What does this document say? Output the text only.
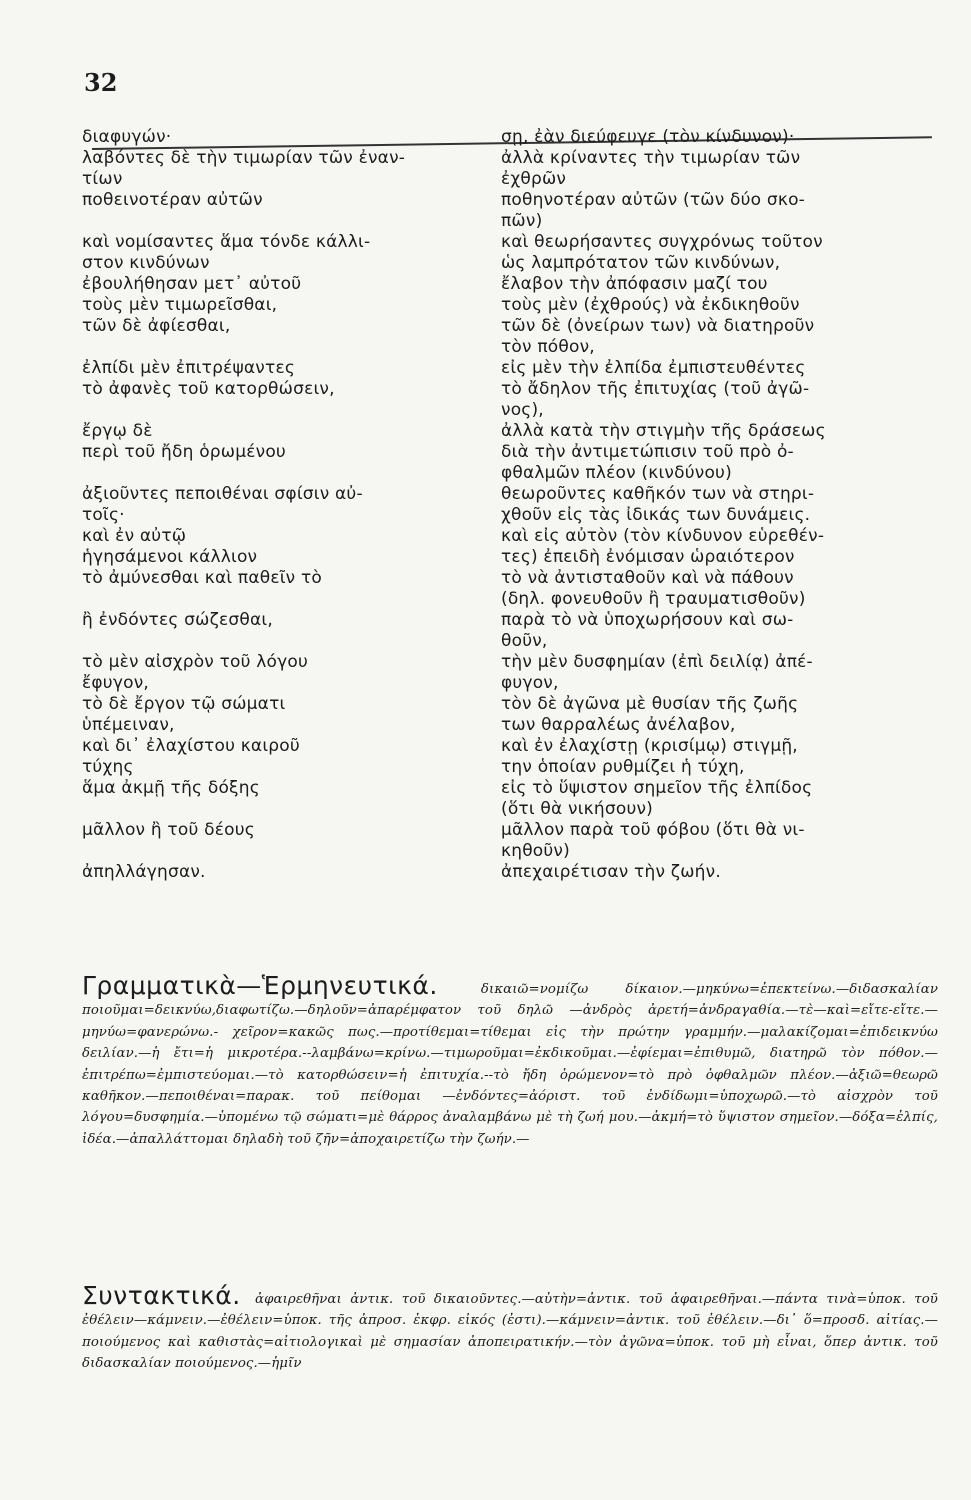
32
διαφυγών·
λαβόντες δὲ τὴν τιμωρίαν τῶν ἐναν-
τίων
ποθεινοτέραν αὐτῶν
καὶ νομίσαντες ἅμα τόνδε κάλλι-
στον κινδύνων
ἐβουλήθησαν μετ᾽ αὐτοῦ
τοὺς μὲν τιμωρεῖσθαι,
τῶν δὲ ἀφίεσθαι,
ἐλπίδι μὲν ἐπιτρέψαντες
τὸ ἀφανὲς τοῦ κατορθώσειν,
ἔργῳ δὲ
περὶ τοῦ ἤδη ὁρωμένου
ἀξιοῦντες πεποιθέναι σφίσιν αὐ-
τοῖς·
καὶ ἐν αὐτῷ
ἡγησάμενοι κάλλιον
τὸ ἀμύνεσθαι καὶ παθεῖν τὸ
ἢ ἐνδόντες σώζεσθαι,
τὸ μὲν αἰσχρὸν τοῦ λόγου
ἔφυγον,
τὸ δὲ ἔργον τῷ σώματι
ὑπέμειναν,
καὶ δι᾽ ἐλαχίστου καιροῦ
τύχης
ἅμα ἀκμῇ τῆς δόξης
μᾶλλον ἢ τοῦ δέους
ἀπηλλάγησαν.
σῃ, ἐὰν διεύφευγε (τὸν κίνδυνον)·
ἀλλὰ κρίναντες τὴν τιμωρίαν τῶν
ἐχθρῶν
ποθηνοτέραν αὐτῶν (τῶν δύο σκο-
πῶν)
καὶ θεωρήσαντες συγχρόνως τοῦτον
ὡς λαμπρότατον τῶν κινδύνων,
ἔλαβον τὴν ἀπόφασιν μαζί του
τοὺς μὲν (ἐχθρούς) νὰ ἐκδικηθοῦν
τῶν δὲ (ὀνείρων των) νὰ διατηροῦν
τὸν πόθον,
εἰς μὲν τὴν ἐλπίδα ἐμπιστευθέντες
τὸ ἄδηλον τῆς ἐπιτυχίας (τοῦ ἀγῶ-
νος),
ἀλλὰ κατὰ τὴν στιγμὴν τῆς δράσεως
διὰ τὴν ἀντιμετώπισιν τοῦ πρὸ ὀ-
φθαλμῶν πλέον (κινδύνου)
θεωροῦντες καθῆκόν των νὰ στηρι-
χθοῦν εἰς τὰς ἰδικάς των δυνάμεις.
καὶ εἰς αὐτὸν (τὸν κίνδυνον εὑρεθέν-
τες) ἐπειδὴ ἐνόμισαν ὡραιότερον
τὸ νὰ ἀντισταθοῦν καὶ νὰ πάθουν
(δηλ. φονευθοῦν ἢ τραυματισθοῦν)
παρὰ τὸ νὰ ὑποχωρήσουν καὶ σω-
θοῦν,
τὴν μὲν δυσφημίαν (ἐπὶ δειλίᾳ) ἀπέ-
φυγον,
τὸν δὲ ἀγῶνα μὲ θυσίαν τῆς ζωῆς
των θαρραλέως ἀνέλαβον,
καὶ ἐν ἐλαχίστῃ (κρισίμῳ) στιγμῇ,
την ὁποίαν ρυθμίζει ἡ τύχη,
εἰς τὸ ὕψιστον σημεῖον τῆς ἐλπίδος
(ὅτι θὰ νικήσουν)
μᾶλλον παρὰ τοῦ φόβου (ὅτι θὰ νι-
κηθοῦν)
ἀπεχαιρέτισαν τὴν ζωήν.
Γραμματικὰ—Ἑρμηνευτικά.	δικαιῶ=νομίζω δίκαιον.—μηκύνω=ἐπεκτείνω.—διδασκαλίαν ποιοῦμαι=δεικνύω,διαφωτίζω.—δηλοῦν=ἀπαρέμφατον τοῦ δηλῶ —ἀνδρὸς ἀρετή=ἀνδραγαθία.—τὲ—καὶ=εἴτε-εἴτε.—μηνύω=φανερώνω.- χεῖρον=κακῶς πως.—προτίθεμαι=τίθεμαι εἰς τὴν πρώτην γραμμήν.—μαλακίζομαι=ἐπιδεικνύω δειλίαν.—ἡ ἔτι=ἡ μικροτέρα.--λαμβάνω=κρίνω.—τιμωροῦμαι=ἐκδικοῦμαι.—ἐφίεμαι=ἐπιθυμῶ, διατηρῶ τὸν πόθον.—ἐπιτρέπω=ἐμπιστεύομαι.—τὸ κατορθώσειν=ἡ ἐπιτυχία.--τὸ ἤδη ὁρώμενον=τὸ πρὸ ὀφθαλμῶν πλέον.—ἀξιῶ=θεωρῶ καθῆκον.—πεποιθέναι=παρακ. τοῦ πείθομαι —ἐνδόντες=ἀόριστ. τοῦ ἐνδίδωμι=ὑποχωρῶ.—τὸ αἰσχρὸν τοῦ λόγου=δυσφημία.—ὑπομένω τῷ σώματι=μὲ θάρρος ἀναλαμβάνω μὲ τὴ ζωή μου.—ἀκμή=τὸ ὕψιστον σημεῖον.—δόξα=ἐλπίς, ἰδέα.—ἀπαλλάττομαι δηλαδὴ τοῦ ζῆν=ἀποχαιρετίζω τὴν ζωήν.—
Συντακτικά. ἀφαιρεθῆναι ἀντικ. τοῦ δικαιοῦντες.—αὐτὴν=ἀντικ. τοῦ ἀφαιρεθῆναι.—πάντα τινὰ=ὑποκ. τοῦ ἐθέλειν—κάμνειν.—ἐθέλειν=ὑποκ. τῆς ἀπροσ. ἐκφρ. εἰκός (ἐστι).—κάμνειν=ἀντικ. τοῦ ἐθέλειν.—δι᾽ ὅ=προσδ. αἰτίας.—ποιούμενος καὶ καθιστὰς=αἰτιολογικαὶ μὲ σημασίαν ἀποπειρατικήν.—τὸν ἀγῶνα=ὑποκ. τοῦ μὴ εἶναι, ὅπερ ἀντικ. τοῦ διδασκαλίαν ποιούμενος.—ἡμῖν
